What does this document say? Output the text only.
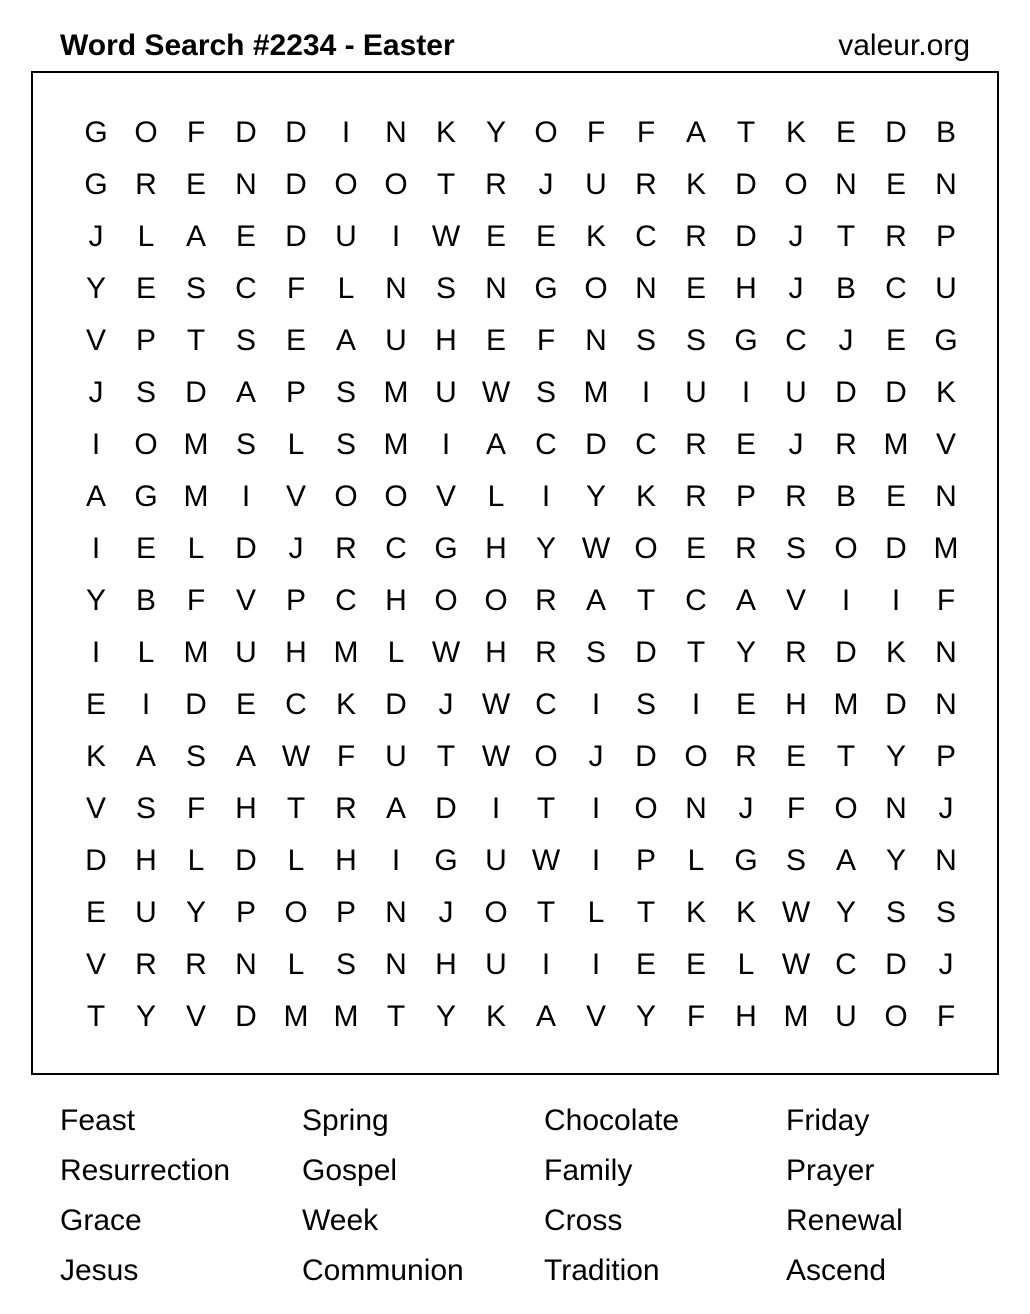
Word Search #2234 - Easter	valeur.org
G O F	D D	I	N K Y O F	F	A	T	K E D B
G R E N D O O T	R	J	U R K D O N E N
J	L	A E D U	I	W E E K C R D	J	T	R P
Y E S C	F	L	N S N G O N E H	J	B C U
V P	T	S E A U H E	F	N S S G C	J	E G
J	S D A P S M U W S M	I	U	I	U D D K
I	O M S	L	S M	I	A C D C R E	J	R M V
A G M	I	V O O V	L	I	Y K R P R B E N
I	E	L	D	J	R C G H Y W O E R S O D M
Y B	F	V P C H O O R A	T	C A V	I	I	F
I	L M U H M L W H R S D	T	Y R D K N
E	I	D E C K D	J W C	I	S	I	E H M D N
K A S A W F	U	T W O	J	D O R E	T	Y P
V S	F	H	T	R A D	I	T	I	O N	J	F O N	J
D H	L	D	L	H	I	G U W	I	P	L G S A Y N
E U Y P O P N	J	O T	L	T	K K W Y S S
V R R N	L	S N H U	I	I	E E	L W C D	J
T	Y V D M M T	Y K A V Y	F	H M U O F
Feast	Spring	Chocolate	Friday
Resurrection	Gospel	Family	Prayer
Grace	Week	Cross	Renewal
Jesus	Communion	Tradition	Ascend
